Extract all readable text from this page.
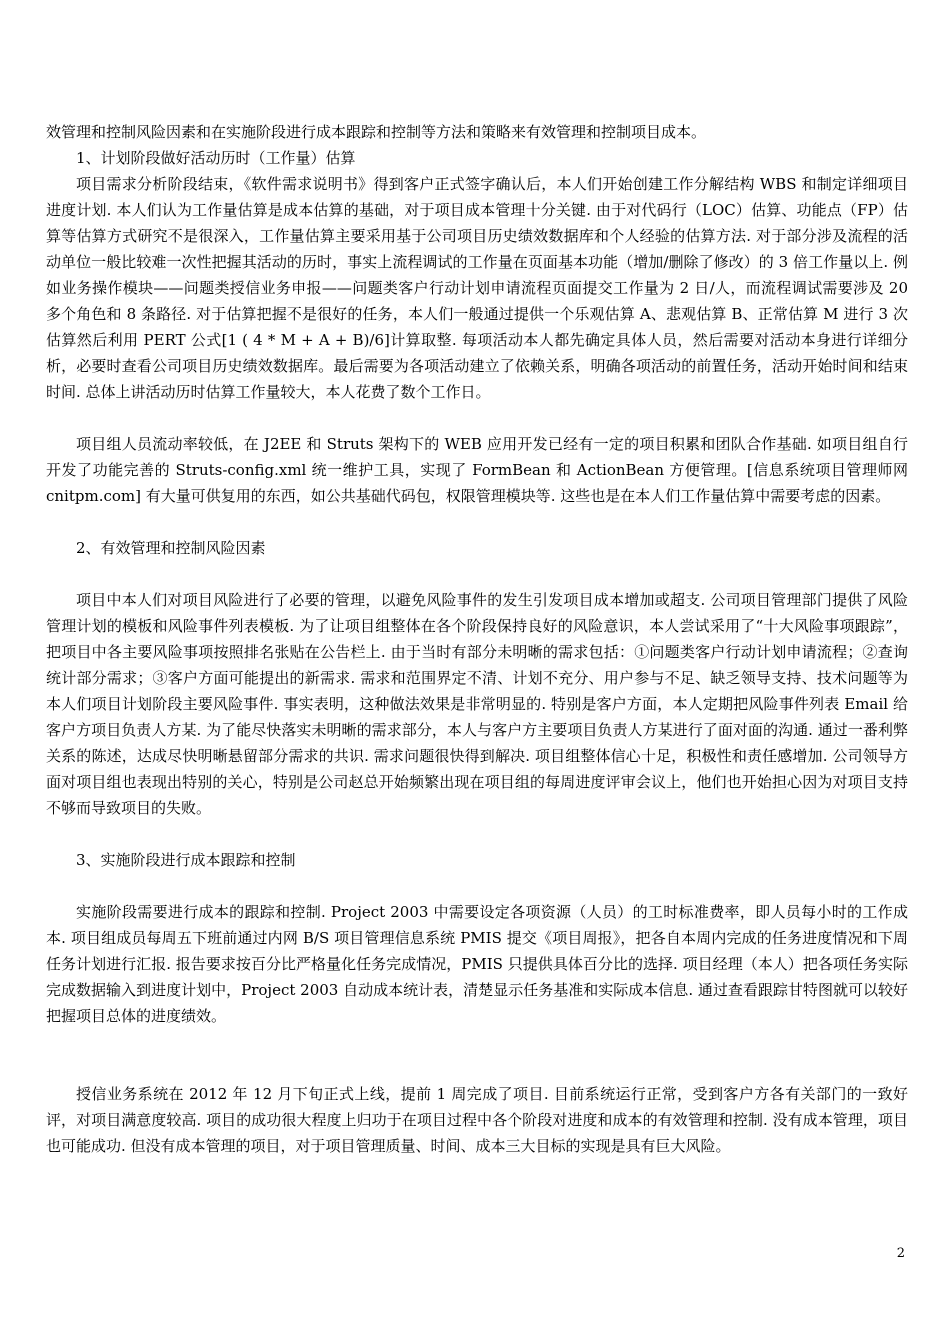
效管理和控制风险因素和在实施阶段进行成本跟踪和控制等方法和策略来有效管理和控制项目成本。

1、计划阶段做好活动历时（工作量）估算

项目需求分析阶段结束，《软件需求说明书》得到客户正式签字确认后，本人们开始创建工作分解结构 WBS 和制定详细项目进度计划. 本人们认为工作量估算是成本估算的基础，对于项目成本管理十分关键. 由于对代码行（LOC）估算、功能点（FP）估算等估算方式研究不是很深入，工作量估算主要采用基于公司项目历史绩效数据库和个人经验的估算方法. 对于部分涉及流程的活动单位一般比较难一次性把握其活动的历时，事实上流程调试的工作量在页面基本功能（增加/删除了修改）的 3 倍工作量以上. 例如业务操作模块——问题类授信业务申报——问题类客户行动计划申请流程页面提交工作量为 2 日/人，而流程调试需要涉及 20 多个角色和 8 条路径. 对于估算把握不是很好的任务，本人们一般通过提供一个乐观估算 A、悲观估算 B、正常估算 M 进行 3 次估算然后利用 PERT 公式[1 ( 4 * M + A + B)/6]计算取整. 每项活动本人都先确定具体人员，然后需要对活动本身进行详细分析，必要时查看公司项目历史绩效数据库。最后需要为各项活动建立了依赖关系，明确各项活动的前置任务，活动开始时间和结束时间. 总体上讲活动历时估算工作量较大，本人花费了数个工作日。

项目组人员流动率较低，在 J2EE 和 Struts 架构下的 WEB 应用开发已经有一定的项目积累和团队合作基础. 如项目组自行开发了功能完善的 Struts-config.xml 统一维护工具，实现了 FormBean 和 ActionBean 方便管理。[信息系统项目管理师网 cnitpm.com] 有大量可供复用的东西，如公共基础代码包，权限管理模块等. 这些也是在本人们工作量估算中需要考虑的因素。

2、有效管理和控制风险因素

项目中本人们对项目风险进行了必要的管理，以避免风险事件的发生引发项目成本增加或超支. 公司项目管理部门提供了风险管理计划的模板和风险事件列表模板. 为了让项目组整体在各个阶段保持良好的风险意识，本人尝试采用了“十大风险事项跟踪”，把项目中各主要风险事项按照排名张贴在公告栏上. 由于当时有部分未明晰的需求包括：①问题类客户行动计划申请流程；②查询统计部分需求；③客户方面可能提出的新需求. 需求和范围界定不清、计划不充分、用户参与不足、缺乏领导支持、技术问题等为本人们项目计划阶段主要风险事件. 事实表明，这种做法效果是非常明显的. 特别是客户方面，本人定期把风险事件列表 Email 给客户方项目负责人方某. 为了能尽快落实未明晰的需求部分，本人与客户方主要项目负责人方某进行了面对面的沟通. 通过一番利弊关系的陈述，达成尽快明晰悬留部分需求的共识. 需求问题很快得到解决. 项目组整体信心十足，积极性和责任感增加. 公司领导方面对项目组也表现出特别的关心，特别是公司赵总开始频繁出现在项目组的每周进度评审会议上，他们也开始担心因为对项目支持不够而导致项目的失败。

3、实施阶段进行成本跟踪和控制

实施阶段需要进行成本的跟踪和控制. Project 2003 中需要设定各项资源（人员）的工时标准费率，即人员每小时的工作成本. 项目组成员每周五下班前通过内网 B/S 项目管理信息系统 PMIS 提交《项目周报》，把各自本周内完成的任务进度情况和下周任务计划进行汇报. 报告要求按百分比严格量化任务完成情况，PMIS 只提供具体百分比的选择. 项目经理（本人）把各项任务实际完成数据输入到进度计划中，Project 2003 自动成本统计表，清楚显示任务基准和实际成本信息. 通过查看跟踪甘特图就可以较好把握项目总体的进度绩效。

授信业务系统在 2012 年 12 月下旬正式上线，提前 1 周完成了项目. 目前系统运行正常，受到客户方各有关部门的一致好评，对项目满意度较高. 项目的成功很大程度上归功于在项目过程中各个阶段对进度和成本的有效管理和控制. 没有成本管理，项目也可能成功. 但没有成本管理的项目，对于项目管理质量、时间、成本三大目标的实现是具有巨大风险。

2
